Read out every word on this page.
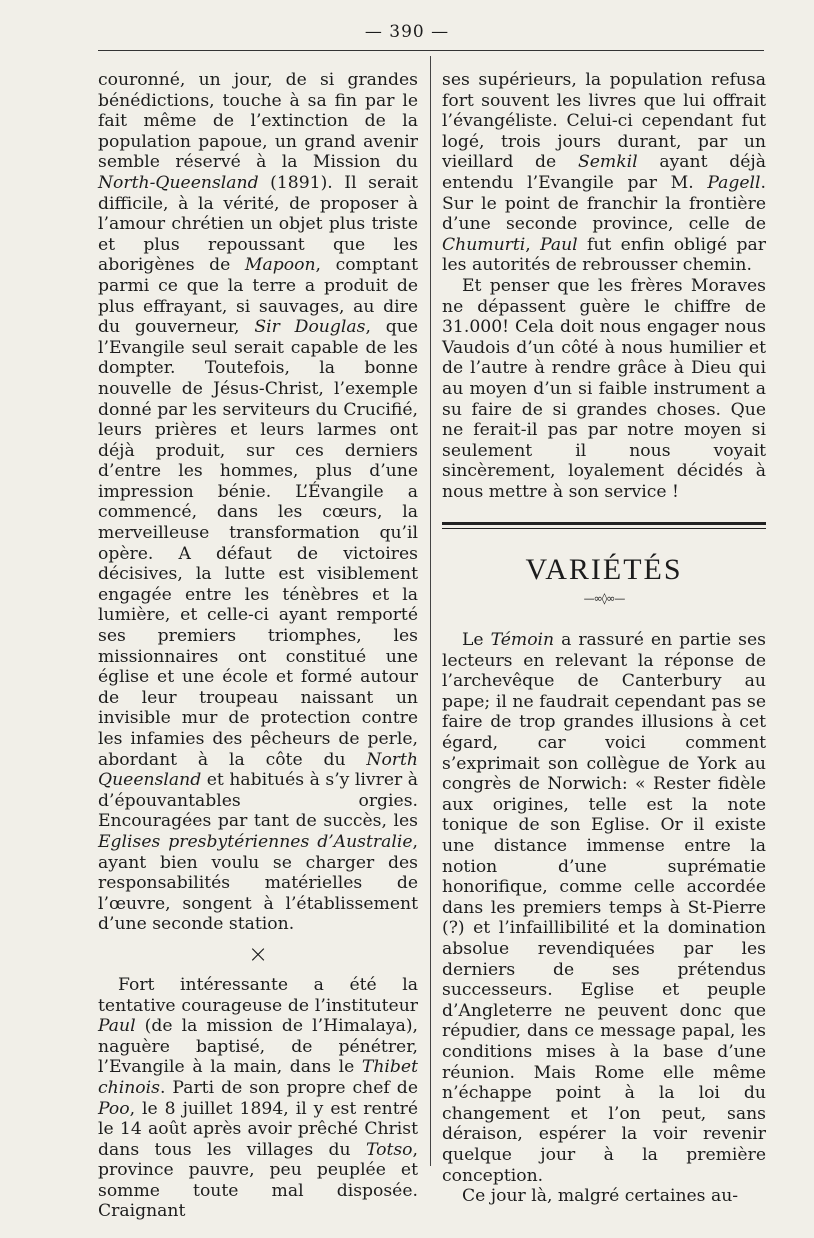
— 390 —

couronné, un jour, de si grandes bénédictions, touche à sa fin par le fait même de l’extinction de la population papoue, un grand avenir semble réservé à la Mission du North-Queensland (1891). Il serait difficile, à la vérité, de proposer à l’amour chrétien un objet plus triste et plus repoussant que les aborigènes de Mapoon, comptant parmi ce que la terre a produit de plus effrayant, si sauvages, au dire du gouverneur, Sir Douglas, que l’Evangile seul serait capable de les dompter. Toutefois, la bonne nouvelle de Jésus-Christ, l’exemple donné par les serviteurs du Crucifié, leurs prières et leurs larmes ont déjà produit, sur ces derniers d’entre les hommes, plus d’une impression bénie. L’Évangile a commencé, dans les cœurs, la merveilleuse transformation qu’il opère. A défaut de victoires décisives, la lutte est visiblement engagée entre les ténèbres et la lumière, et celle-ci ayant remporté ses premiers triomphes, les missionnaires ont constitué une église et une école et formé autour de leur troupeau naissant un invisible mur de protection contre les infamies des pêcheurs de perle, abordant à la côte du North Queensland et habitués à s’y livrer à d’épouvantables orgies. Encouragées par tant de succès, les Eglises presbytériennes d’Australie, ayant bien voulu se charger des responsabilités matérielles de l’œuvre, songent à l’établissement d’une seconde station.

×

Fort intéressante a été la tentative courageuse de l’instituteur Paul (de la mission de l’Himalaya), naguère baptisé, de pénétrer, l’Evangile à la main, dans le Thibet chinois. Parti de son propre chef de Poo, le 8 juillet 1894, il y est rentré le 14 août après avoir prêché Christ dans tous les villages du Totso, province pauvre, peu peuplée et somme toute mal disposée. Craignant

ses supérieurs, la population refusa fort souvent les livres que lui offrait l’évangéliste. Celui-ci cependant fut logé, trois jours durant, par un vieillard de Semkil ayant déjà entendu l’Evangile par M. Pagell. Sur le point de franchir la frontière d’une seconde province, celle de Chumurti, Paul fut enfin obligé par les autorités de rebrousser chemin.

Et penser que les frères Moraves ne dépassent guère le chiffre de 31.000! Cela doit nous engager nous Vaudois d’un côté à nous humilier et de l’autre à rendre grâce à Dieu qui au moyen d’un si faible instrument a su faire de si grandes choses. Que ne ferait-il pas par notre moyen si seulement il nous voyait sincèrement, loyalement décidés à nous mettre à son service !

VARIÉTÉS
—∞◊∞—

Le Témoin a rassuré en partie ses lecteurs en relevant la réponse de l’archevêque de Canterbury au pape; il ne faudrait cependant pas se faire de trop grandes illusions à cet égard, car voici comment s’exprimait son collègue de York au congrès de Norwich: « Rester fidèle aux origines, telle est la note tonique de son Eglise. Or il existe une distance immense entre la notion d’une suprématie honorifique, comme celle accordée dans les premiers temps à St-Pierre (?) et l’infaillibilité et la domination absolue revendiquées par les derniers de ses prétendus successeurs. Eglise et peuple d’Angleterre ne peuvent donc que répudier, dans ce message papal, les conditions mises à la base d’une réunion. Mais Rome elle même n’échappe point à la loi du changement et l’on peut, sans déraison, espérer la voir revenir quelque jour à la première conception.

Ce jour là, malgré certaines au-
